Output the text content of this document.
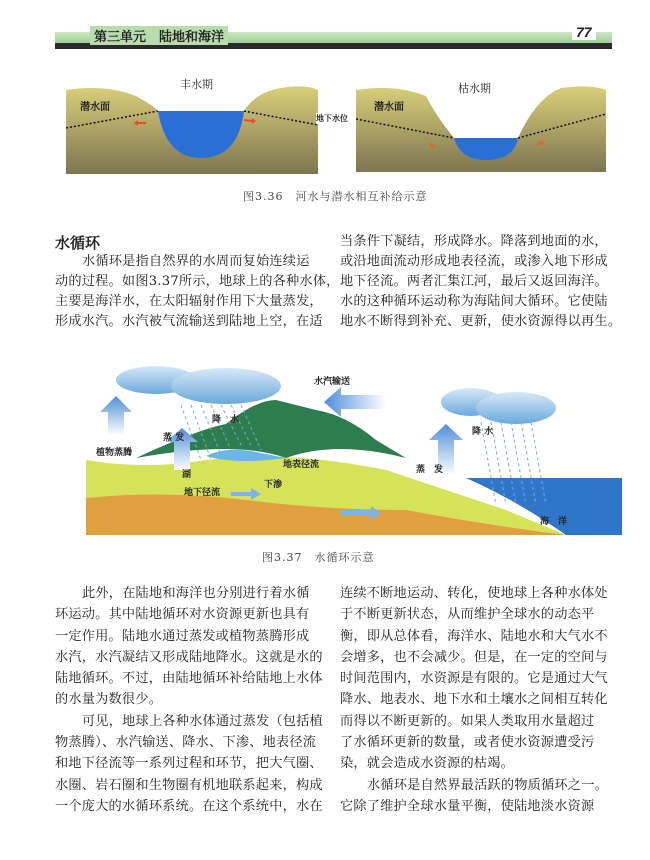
第三单元　陆地和海洋	77
丰水期	枯水期
潜水面	潜水面
地下水位
图3.36　河水与潜水相互补给示意
水循环
水循环是指自然界的水周而复始连续运
动的过程。如图3.37所示，地球上的各种水体，
主要是海洋水，在太阳辐射作用下大量蒸发，
形成水汽。水汽被气流输送到陆地上空，在适
当条件下凝结，形成降水。降落到地面的水，
或沿地面流动形成地表径流，或渗入地下形成
地下径流。两者汇集江河，最后又返回海洋。
水的这种循环运动称为海陆间大循环。它使陆
地水不断得到补充、更新，使水资源得以再生。
水汽输送
降　水
蒸 发
植物蒸腾
湖
地表径流
下渗
地下径流
蒸　发
降 水
海　洋
图3.37　水循环示意
此外，在陆地和海洋也分别进行着水循
环运动。其中陆地循环对水资源更新也具有
一定作用。陆地水通过蒸发或植物蒸腾形成
水汽，水汽凝结又形成陆地降水。这就是水的
陆地循环。不过，由陆地循环补给陆地上水体
的水量为数很少。
可见，地球上各种水体通过蒸发（包括植
物蒸腾）、水汽输送、降水、下渗、地表径流
和地下径流等一系列过程和环节，把大气圈、
水圈、岩石圈和生物圈有机地联系起来，构成
一个庞大的水循环系统。在这个系统中，水在
连续不断地运动、转化，使地球上各种水体处
于不断更新状态，从而维护全球水的动态平
衡，即从总体看，海洋水、陆地水和大气水不
会增多，也不会减少。但是，在一定的空间与
时间范围内，水资源是有限的。它是通过大气
降水、地表水、地下水和土壤水之间相互转化
而得以不断更新的。如果人类取用水量超过
了水循环更新的数量，或者使水资源遭受污
染，就会造成水资源的枯竭。
水循环是自然界最活跃的物质循环之一。
它除了维护全球水量平衡，使陆地淡水资源
